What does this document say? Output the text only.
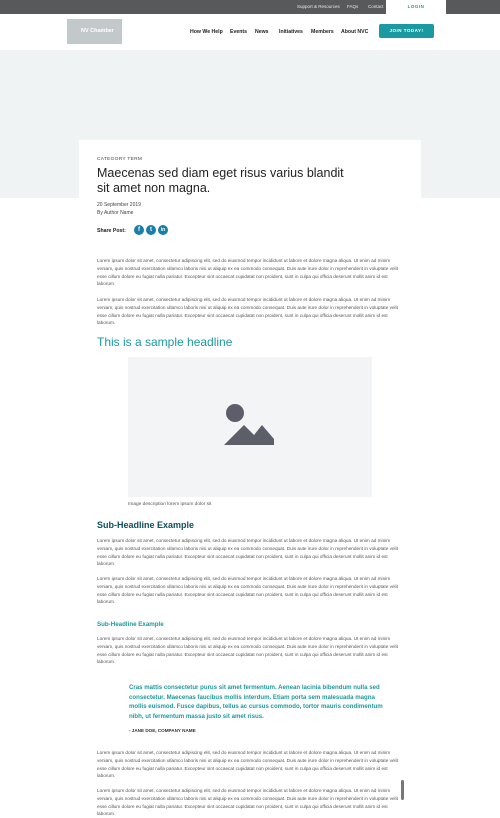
Support & Resources FAQs Contact	LOGIN
NV Chamber	How We Help Events News Initiatives Members About NVC	JOIN TODAY!
CATEGORY TERM
Maecenas sed diam eget risus varius blandit sit amet non magna.
20 September 2019
By Author Name
Share Post:	f	t	in

Lorem ipsum dolor sit amet, consectetur adipiscing elit, sed do eiusmod tempor incididunt ut labore et dolore magna aliqua. Ut enim ad minim veniam, quis nostrud exercitation ullamco laboris nisi ut aliquip ex ea commodo consequat. Duis aute irure dolor in reprehenderit in voluptate velit esse cillum dolore eu fugiat nulla pariatur. Excepteur sint occaecat cupidatat non proident, sunt in culpa qui officia deserunt mollit anim id est laborum.

Lorem ipsum dolor sit amet, consectetur adipiscing elit, sed do eiusmod tempor incididunt ut labore et dolore magna aliqua. Ut enim ad minim veniam, quis nostrud exercitation ullamco laboris nisi ut aliquip ex ea commodo consequat. Duis aute irure dolor in reprehenderit in voluptate velit esse cillum dolore eu fugiat nulla pariatur. Excepteur sint occaecat cupidatat non proident, sunt in culpa qui officia deserunt mollit anim id est laborum.

This is a sample headline
Image description lorem ipsum dolor sit
Sub-Headline Example

Lorem ipsum dolor sit amet, consectetur adipiscing elit, sed do eiusmod tempor incididunt ut labore et dolore magna aliqua. Ut enim ad minim veniam, quis nostrud exercitation ullamco laboris nisi ut aliquip ex ea commodo consequat. Duis aute irure dolor in reprehenderit in voluptate velit esse cillum dolore eu fugiat nulla pariatur. Excepteur sint occaecat cupidatat non proident, sunt in culpa qui officia deserunt mollit anim id est laborum.

Lorem ipsum dolor sit amet, consectetur adipiscing elit, sed do eiusmod tempor incididunt ut labore et dolore magna aliqua. Ut enim ad minim veniam, quis nostrud exercitation ullamco laboris nisi ut aliquip ex ea commodo consequat. Duis aute irure dolor in reprehenderit in voluptate velit esse cillum dolore eu fugiat nulla pariatur. Excepteur sint occaecat cupidatat non proident, sunt in culpa qui officia deserunt mollit anim id est laborum.

Sub-Headline Example

Lorem ipsum dolor sit amet, consectetur adipiscing elit, sed do eiusmod tempor incididunt ut labore et dolore magna aliqua. Ut enim ad minim veniam, quis nostrud exercitation ullamco laboris nisi ut aliquip ex ea commodo consequat. Duis aute irure dolor in reprehenderit in voluptate velit esse cillum dolore eu fugiat nulla pariatur. Excepteur sint occaecat cupidatat non proident, sunt in culpa qui officia deserunt mollit anim id est laborum.

Cras mattis consectetur purus sit amet fermentum. Aenean lacinia bibendum nulla sed consectetur. Maecenas faucibus mollis interdum. Etiam porta sem malesuada magna mollis euismod. Fusce dapibus, tellus ac cursus commodo, tortor mauris condimentum nibh, ut fermentum massa justo sit amet risus.
- JANE DOE, COMPANY NAME

Lorem ipsum dolor sit amet, consectetur adipiscing elit, sed do eiusmod tempor incididunt ut labore et dolore magna aliqua. Ut enim ad minim veniam, quis nostrud exercitation ullamco laboris nisi ut aliquip ex ea commodo consequat. Duis aute irure dolor in reprehenderit in voluptate velit esse cillum dolore eu fugiat nulla pariatur. Excepteur sint occaecat cupidatat non proident, sunt in culpa qui officia deserunt mollit anim id est laborum.

Lorem ipsum dolor sit amet, consectetur adipiscing elit, sed do eiusmod tempor incididunt ut labore et dolore magna aliqua. Ut enim ad minim veniam, quis nostrud exercitation ullamco laboris nisi ut aliquip ex ea commodo consequat. Duis aute irure dolor in reprehenderit in voluptate velit esse cillum dolore eu fugiat nulla pariatur. Excepteur sint occaecat cupidatat non proident, sunt in culpa qui officia deserunt mollit anim id est laborum.
